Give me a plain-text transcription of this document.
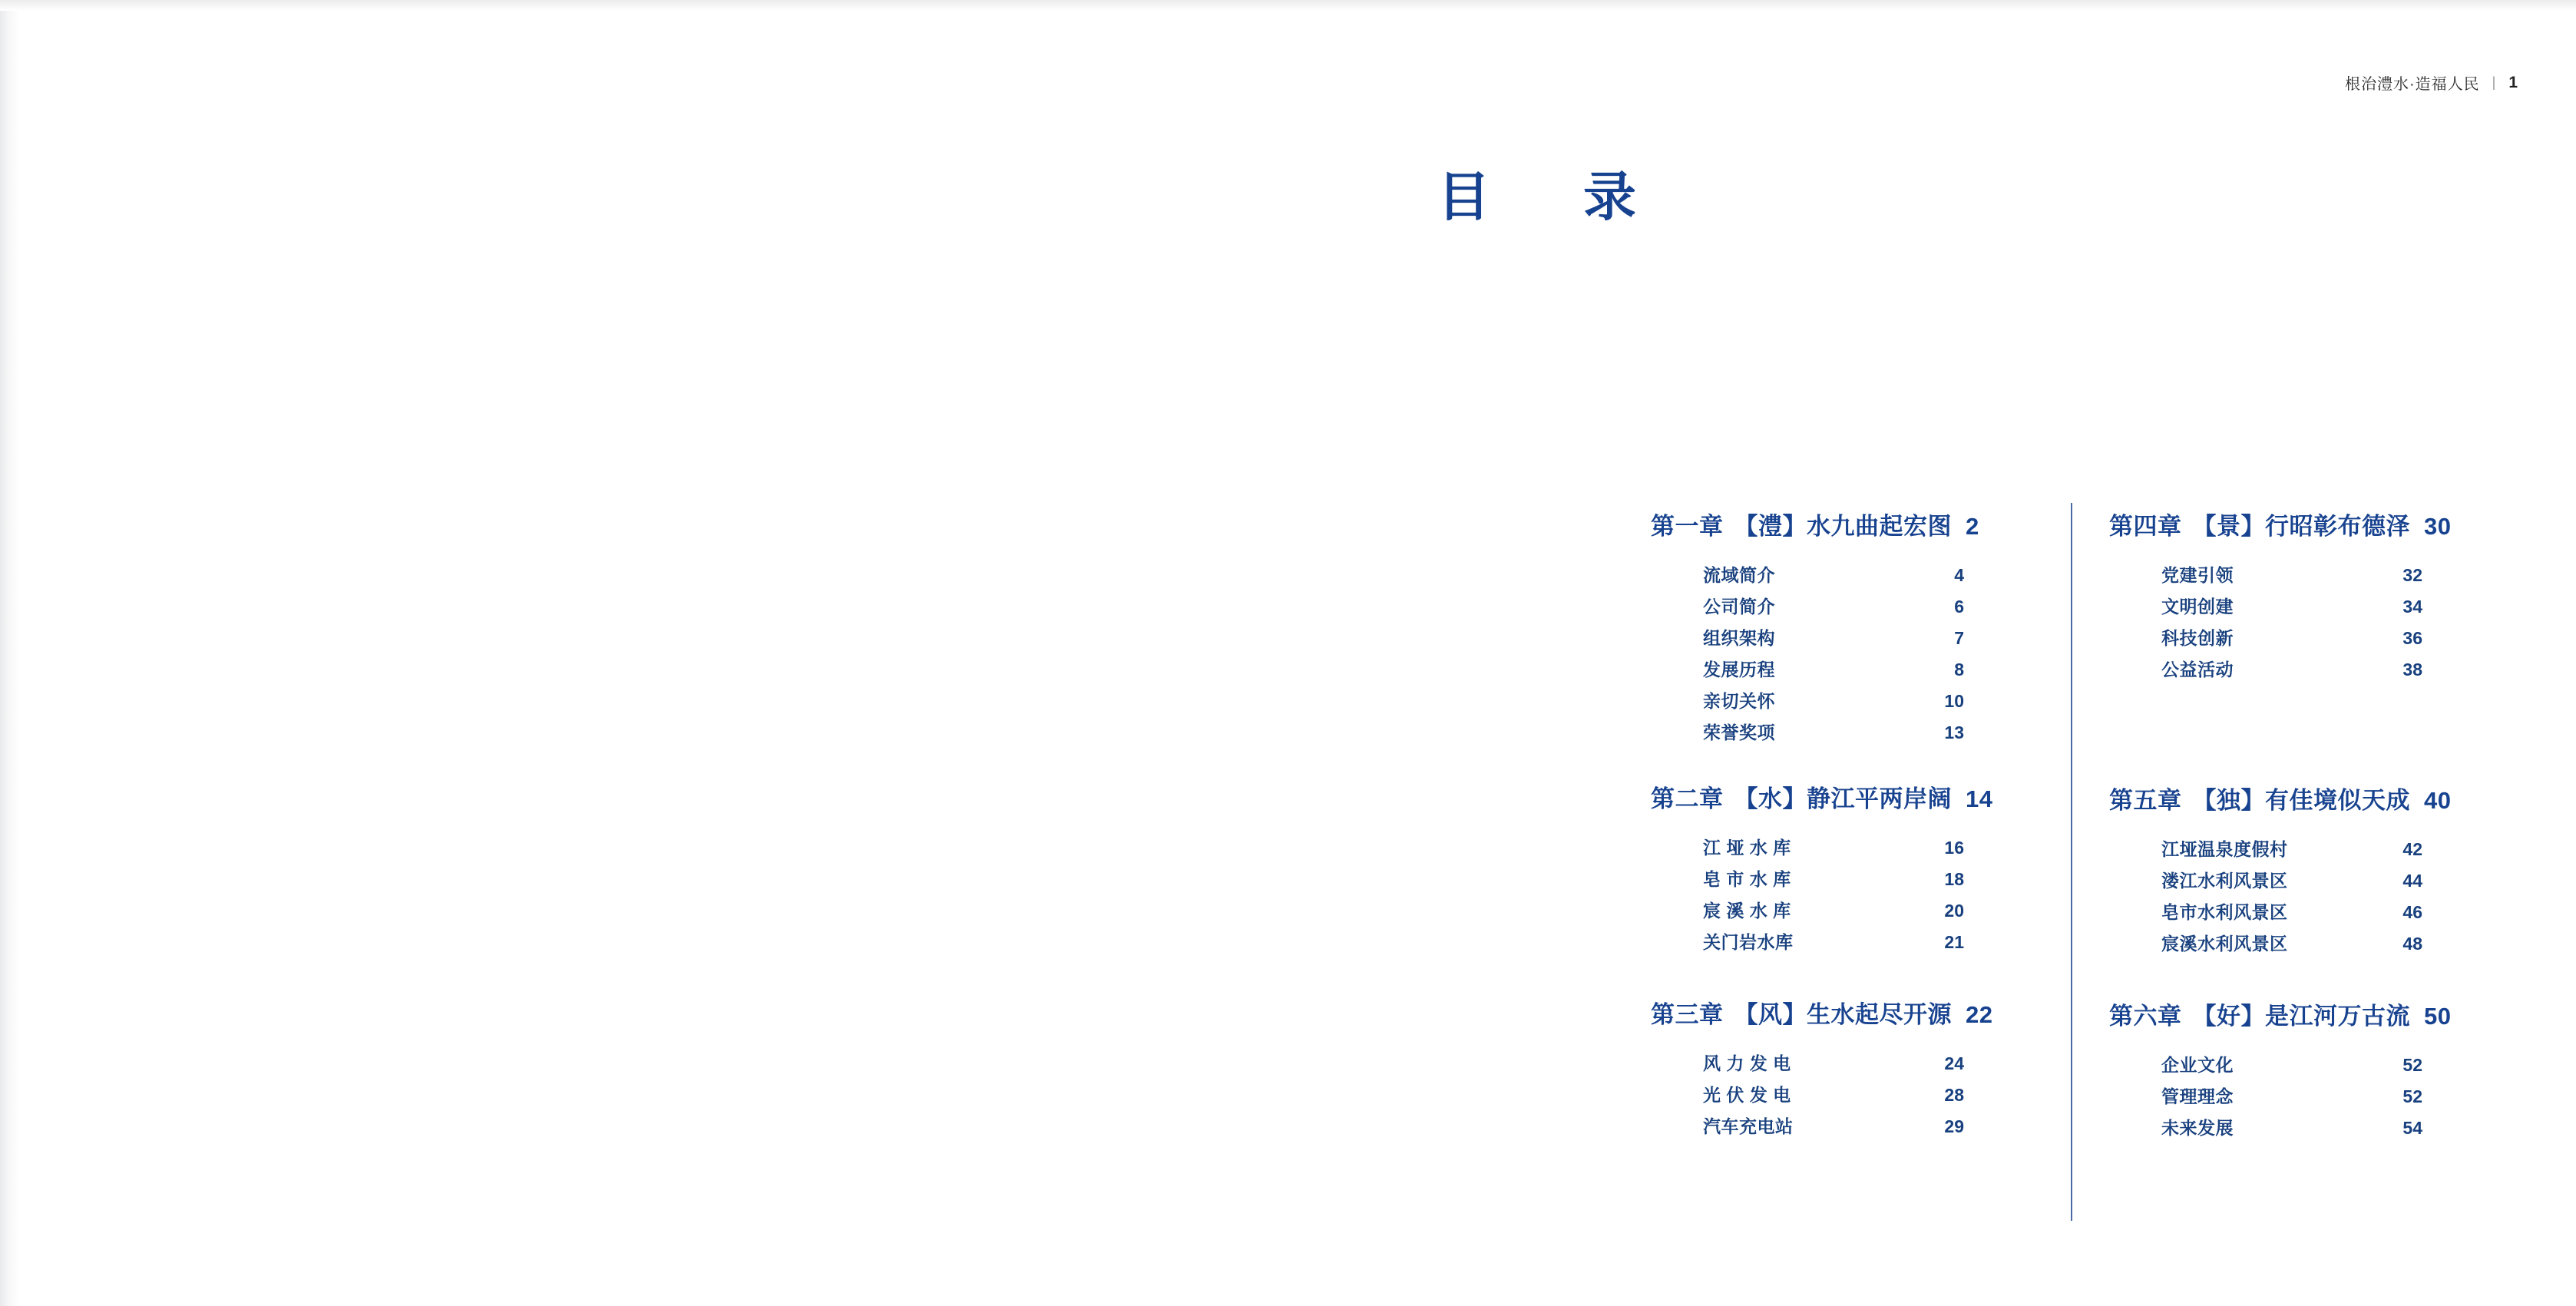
根治澧水·造福人民 | 1
目　录
第一章 【澧】水九曲起宏图 2
流域简介	4
公司简介	6
组织架构	7
发展历程	8
亲切关怀	10
荣誉奖项	13
第二章 【水】静江平两岸阔 14
江 垭 水 库	16
皂 市 水 库	18
宸 溪 水 库	20
关门岩水库	21
第三章 【风】生水起尽开源 22
风 力 发 电	24
光 伏 发 电	28
汽车充电站	29
第四章 【景】行昭彰布德泽 30
党建引领	32
文明创建	34
科技创新	36
公益活动	38
第五章 【独】有佳境似天成 40
江垭温泉度假村	42
溇江水利风景区	44
皂市水利风景区	46
宸溪水利风景区	48
第六章 【好】是江河万古流 50
企业文化	52
管理理念	52
未来发展	54
